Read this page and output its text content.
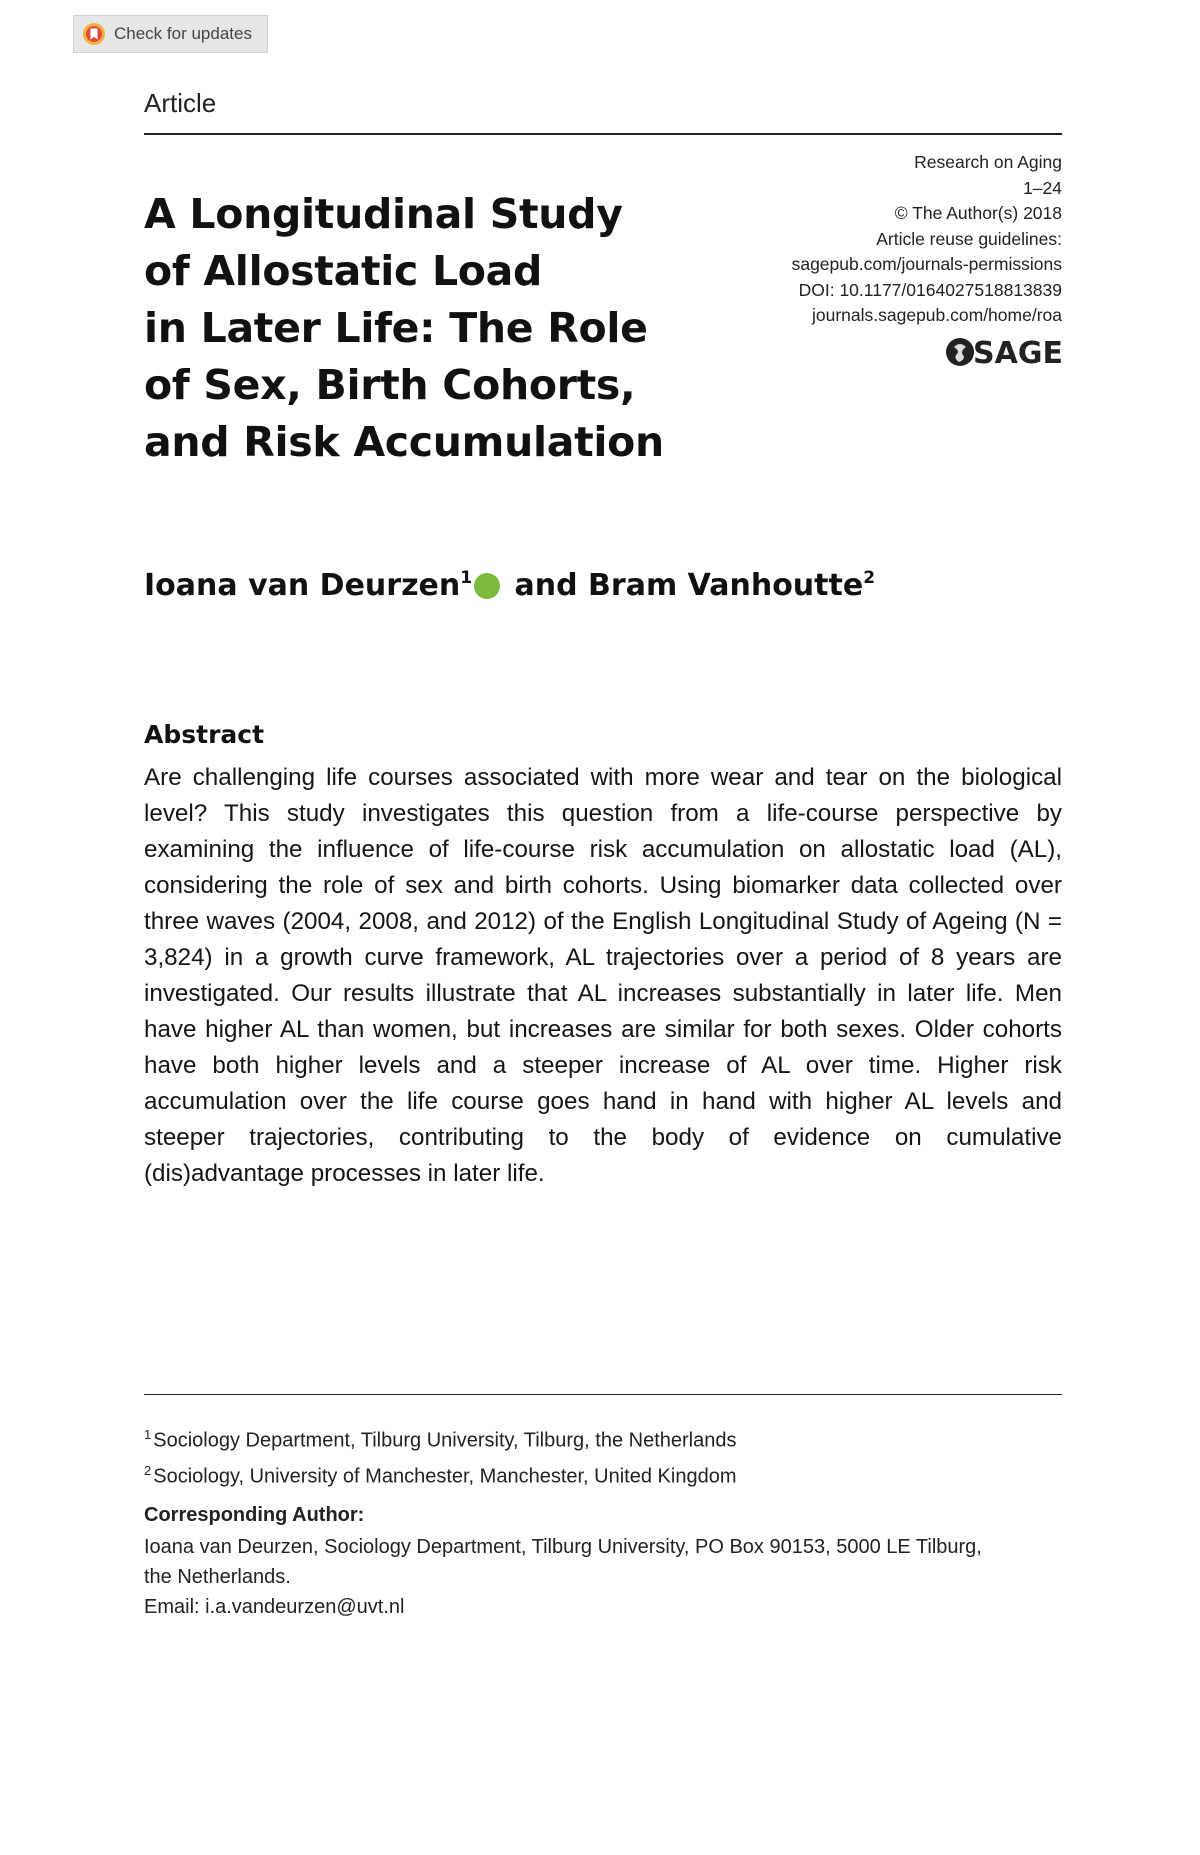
Check for updates
Article
A Longitudinal Study
of Allostatic Load
in Later Life: The Role
of Sex, Birth Cohorts,
and Risk Accumulation
Research on Aging
1–24
© The Author(s) 2018
Article reuse guidelines:
sagepub.com/journals-permissions
DOI: 10.1177/0164027518813839
journals.sagepub.com/home/roa
SAGE
Ioana van Deurzen$^1$ and Bram Vanhoutte$^2$
Abstract

Are challenging life courses associated with more wear and tear on the biological level? This study investigates this question from a life-course perspective by examining the influence of life-course risk accumulation on allostatic load (AL), considering the role of sex and birth cohorts. Using biomarker data collected over three waves (2004, 2008, and 2012) of the English Longitudinal Study of Ageing (N = 3,824) in a growth curve framework, AL trajectories over a period of 8 years are investigated. Our results illustrate that AL increases substantially in later life. Men have higher AL than women, but increases are similar for both sexes. Older cohorts have both higher levels and a steeper increase of AL over time. Higher risk accumulation over the life course goes hand in hand with higher AL levels and steeper trajectories, contributing to the body of evidence on cumulative (dis)advantage processes in later life.

$^1$ Sociology Department, Tilburg University, Tilburg, the Netherlands
$^2$ Sociology, University of Manchester, Manchester, United Kingdom
Corresponding Author:
Ioana van Deurzen, Sociology Department, Tilburg University, PO Box 90153, 5000 LE Tilburg,
the Netherlands.
Email: i.a.vandeurzen@uvt.nl
